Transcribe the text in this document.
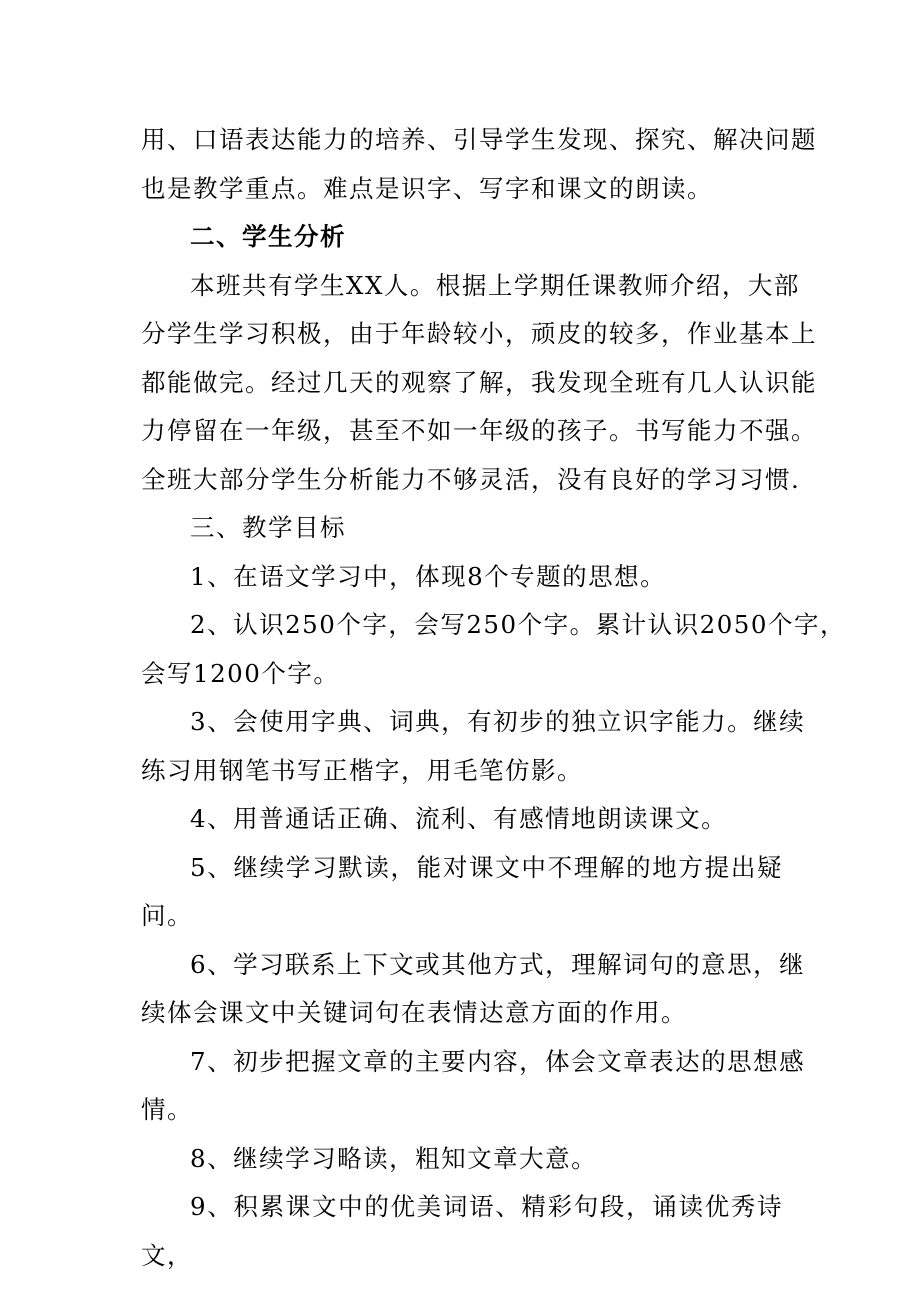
用、口语表达能力的培养、引导学生发现、探究、解决问题
也是教学重点。难点是识字、写字和课文的朗读。

二、学生分析

本班共有学生XX人。根据上学期任课教师介绍，大部
分学生学习积极，由于年龄较小，顽皮的较多，作业基本上
都能做完。经过几天的观察了解，我发现全班有几人认识能
力停留在一年级，甚至不如一年级的孩子。书写能力不强。
全班大部分学生分析能力不够灵活，没有良好的学习习惯.

三、教学目标

1、在语文学习中，体现8个专题的思想。

2、认识250个字，会写250个字。累计认识2050个字，
会写1200个字。

3、会使用字典、词典，有初步的独立识字能力。继续
练习用钢笔书写正楷字，用毛笔仿影。

4、用普通话正确、流利、有感情地朗读课文。

5、继续学习默读，能对课文中不理解的地方提出疑问。

6、学习联系上下文或其他方式，理解词句的意思，继
续体会课文中关键词句在表情达意方面的作用。

7、初步把握文章的主要内容，体会文章表达的思想感
情。

8、继续学习略读，粗知文章大意。

9、积累课文中的优美词语、精彩句段，诵读优秀诗文，
